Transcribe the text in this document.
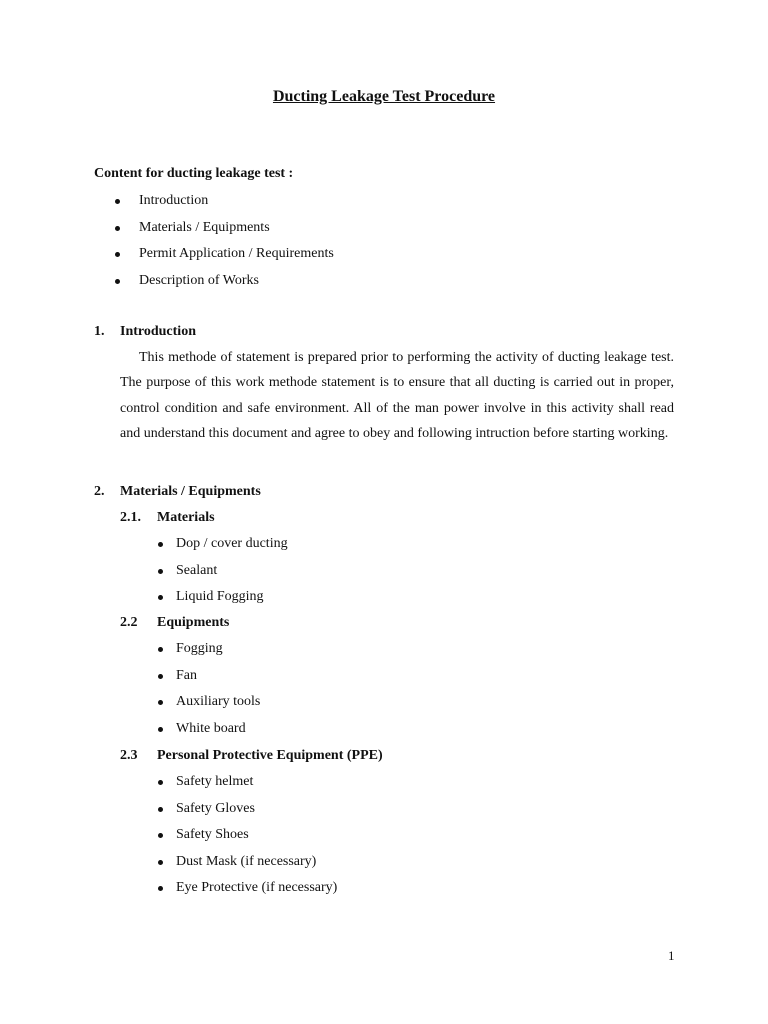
Ducting Leakage Test Procedure

Content for ducting leakage test :

Introduction
Materials / Equipments
Permit Application / Requirements
Description of Works
1. Introduction

This methode of statement is prepared prior to performing the activity of ducting leakage test. The purpose of this work methode statement is to ensure that all ducting is carried out in proper, control condition and safe environment. All of the man power involve in this activity shall read and understand this document and agree to obey and following intruction before starting working.

2. Materials / Equipments
2.1. Materials
Dop / cover ducting
Sealant
Liquid Fogging
2.2 Equipments
Fogging
Fan
Auxiliary tools
White board
2.3 Personal Protective Equipment (PPE)
Safety helmet
Safety Gloves
Safety Shoes
Dust Mask (if necessary)
Eye Protective (if necessary)
1
